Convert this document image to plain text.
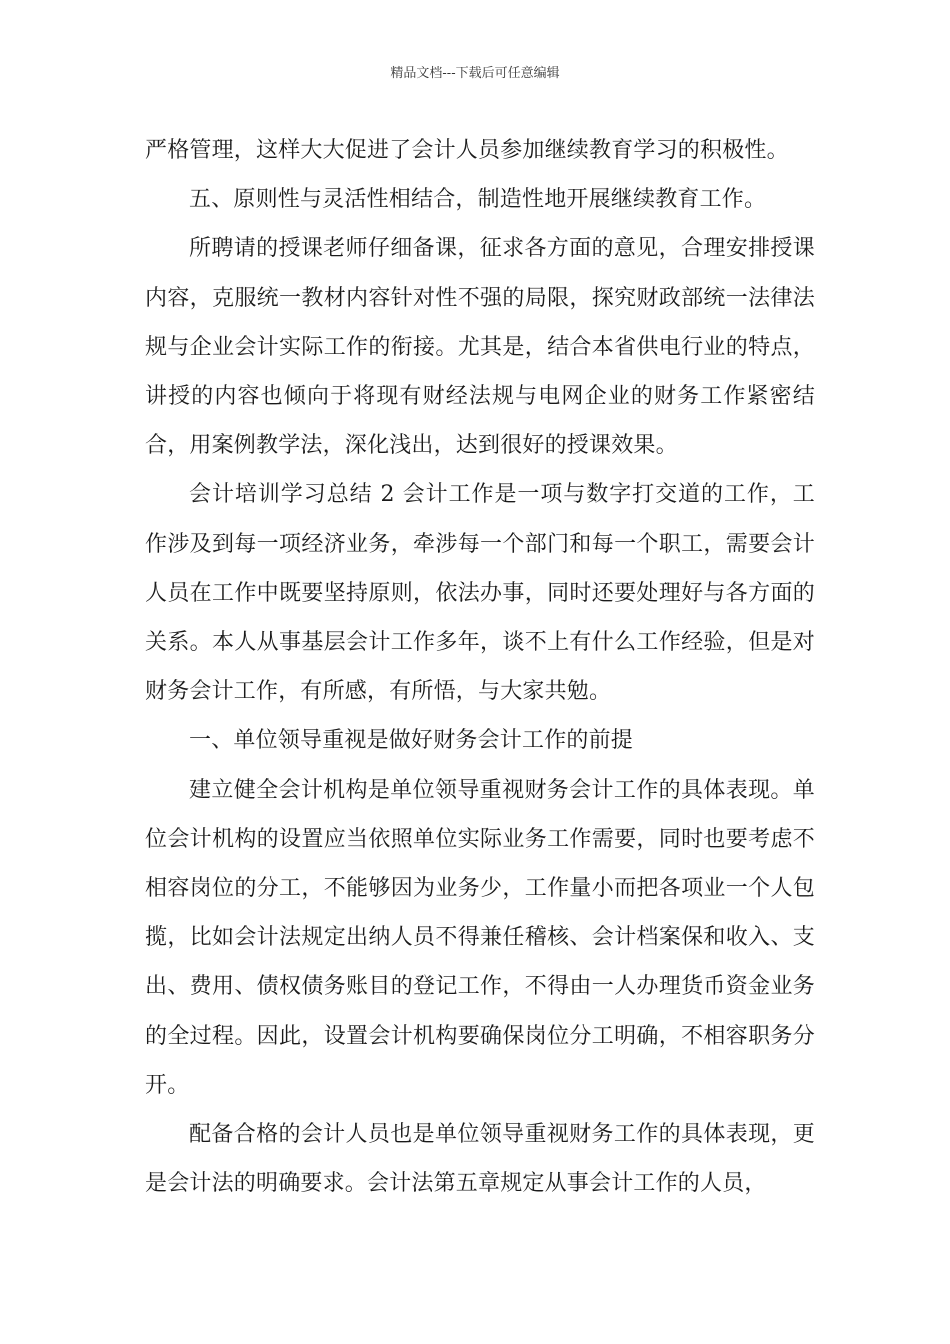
精品文档---下载后可任意编辑

严格管理，这样大大促进了会计人员参加继续教育学习的积极性。

五、原则性与灵活性相结合，制造性地开展继续教育工作。

所聘请的授课老师仔细备课，征求各方面的意见，合理安排授课内容，克服统一教材内容针对性不强的局限，探究财政部统一法律法规与企业会计实际工作的衔接。尤其是，结合本省供电行业的特点，讲授的内容也倾向于将现有财经法规与电网企业的财务工作紧密结合，用案例教学法，深化浅出，达到很好的授课效果。

会计培训学习总结 2 会计工作是一项与数字打交道的工作，工作涉及到每一项经济业务，牵涉每一个部门和每一个职工，需要会计人员在工作中既要坚持原则，依法办事，同时还要处理好与各方面的关系。本人从事基层会计工作多年，谈不上有什么工作经验，但是对财务会计工作，有所感，有所悟，与大家共勉。

一、单位领导重视是做好财务会计工作的前提

建立健全会计机构是单位领导重视财务会计工作的具体表现。单位会计机构的设置应当依照单位实际业务工作需要，同时也要考虑不相容岗位的分工，不能够因为业务少，工作量小而把各项业一个人包揽，比如会计法规定出纳人员不得兼任稽核、会计档案保和收入、支出、费用、债权债务账目的登记工作，不得由一人办理货币资金业务的全过程。因此，设置会计机构要确保岗位分工明确，不相容职务分开。

配备合格的会计人员也是单位领导重视财务工作的具体表现，更是会计法的明确要求。会计法第五章规定从事会计工作的人员，
